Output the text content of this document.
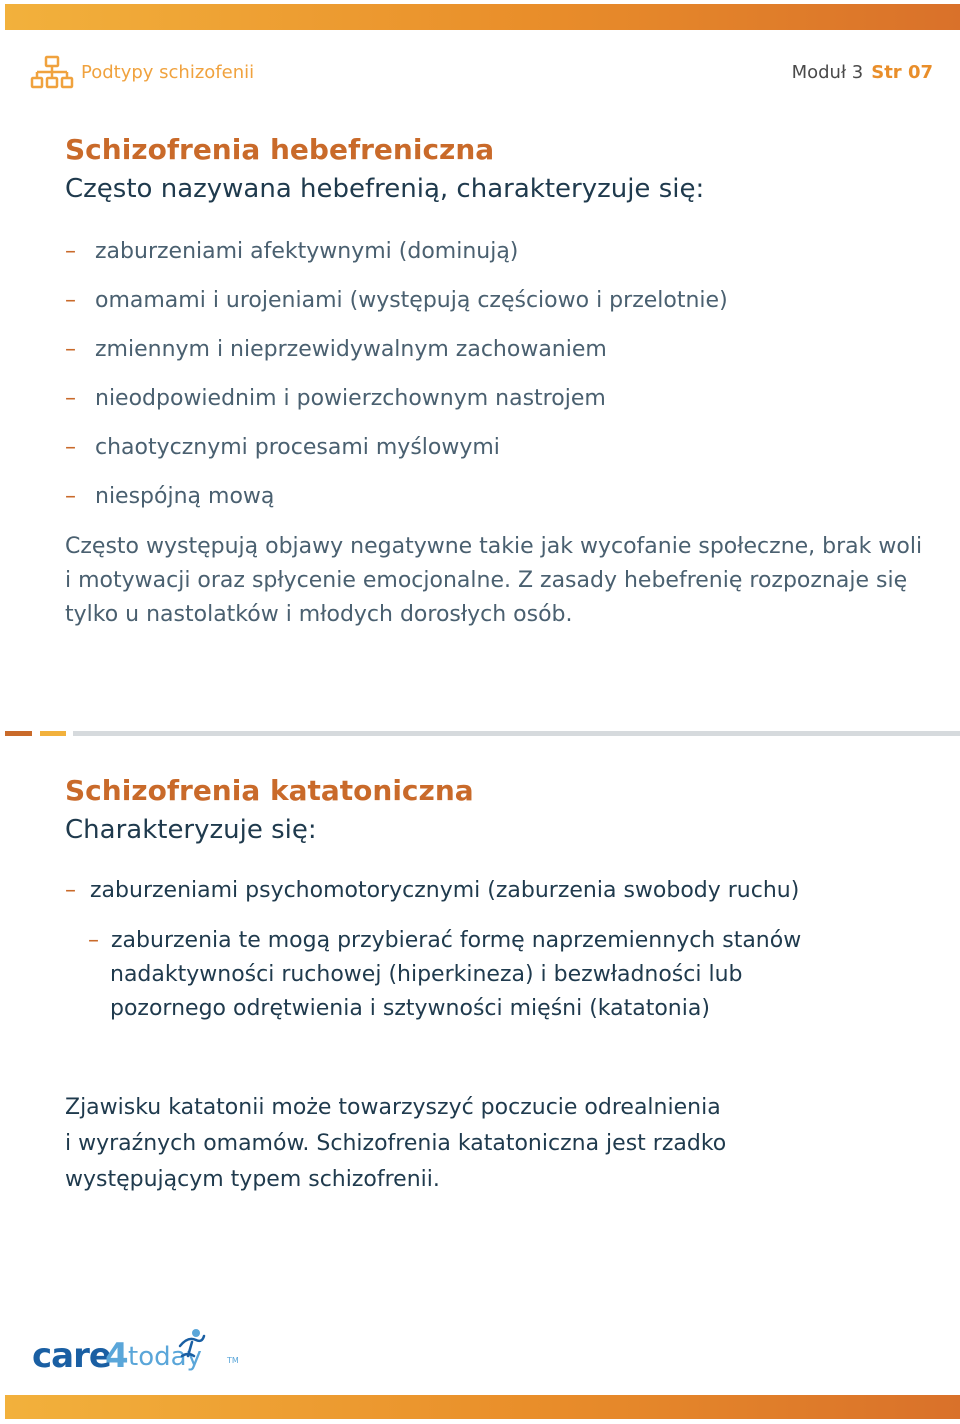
Podtypy schizofenii	Moduł 3 Str 07
Schizofrenia hebefreniczna
Często nazywana hebefrenią, charakteryzuje się:
– zaburzeniami afektywnymi (dominują)
– omamami i urojeniami (występują częściowo i przelotnie)
– zmiennym i nieprzewidywalnym zachowaniem
– nieodpowiednim i powierzchownym nastrojem
– chaotycznymi procesami myślowymi
– niespójną mową
Często występują objawy negatywne takie jak wycofanie społeczne, brak woli i motywacji oraz spłycenie emocjonalne. Z zasady hebefrenię rozpoznaje się tylko u nastolatków i młodych dorosłych osób.
Schizofrenia katatoniczna
Charakteryzuje się:
– zaburzeniami psychomotorycznymi (zaburzenia swobody ruchu)
– zaburzenia te mogą przybierać formę naprzemiennych stanów
nadaktywności ruchowej (hiperkineza) i bezwładności lub
pozornego odrętwienia i sztywności mięśni (katatonia)
Zjawisku katatonii może towarzyszyć poczucie odrealnienia
i wyraźnych omamów. Schizofrenia katatoniczna jest rzadko
występującym typem schizofrenii.
care
4 today	TM
